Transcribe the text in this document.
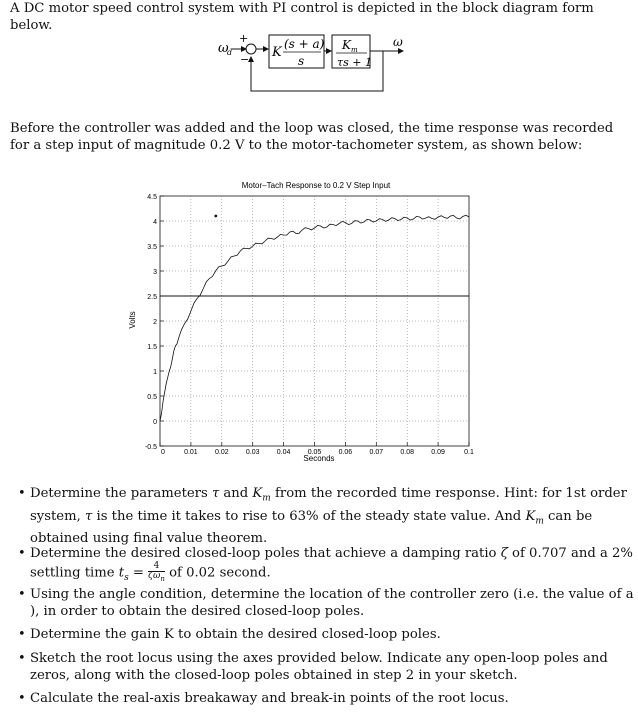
A DC motor speed control system with PI control is depicted in the block diagram form below.
ω
d
+
− K
(s + a)
s
K m
τs + 1
ω
Before the controller was added and the loop was closed, the time response was recorded for a step input of magnitude 0.2 V to the motor-tachometer system, as shown below:
Motor–Tach Response to 0.2 V Step Input
Seconds
Volts
0	0.01 0.02 0.03 0.04 0.05 0.06 0.07 0.08 0.09	0.1
4.5
4
3.5
3
2.5
2
1.5
1
0.5
0
-0.5
• Determine the parameters τ and $K_m$ from the recorded time response. Hint: for 1st order system, τ is the time it takes to rise to 63% of the steady state value. And $K_m$ can be obtained using final value theorem.
• Determine the desired closed-loop poles that achieve a damping ratio ζ of 0.707 and a 2% settling time $t_s = 4$
$\zeta\omega_n$ of 0.02 second.
• Using the angle condition, determine the location of the controller zero (i.e. the value of a ), in order to obtain the desired closed-loop poles.
• Determine the gain K to obtain the desired closed-loop poles.
• Sketch the root locus using the axes provided below. Indicate any open-loop poles and zeros, along with the closed-loop poles obtained in step 2 in your sketch.
• Calculate the real-axis breakaway and break-in points of the root locus.
